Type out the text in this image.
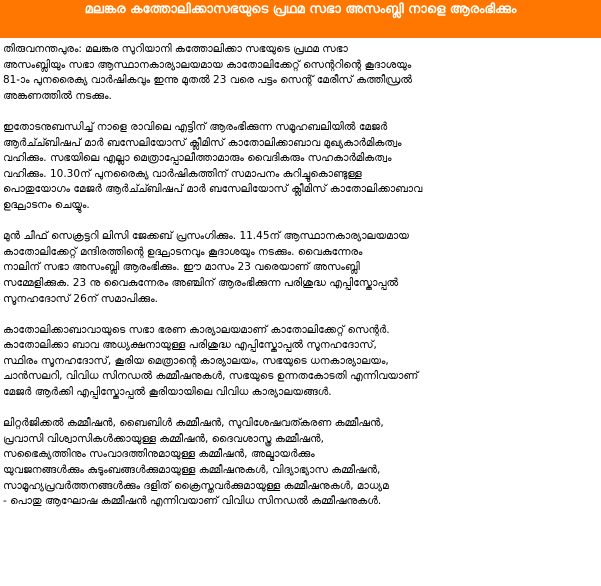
മലങ്കര കത്തോലിക്കാസഭയുടെ പ്രഥമ സഭാ അസംബ്ലി നാളെ ആരംഭിക്കും

തിരുവനന്തപുരം: മലങ്കര സുറിയാനി കത്തോലിക്കാ സഭയുടെ പ്രഥമ സഭാ
അസംബ്ലിയും സഭാ ആസ്ഥാനകാര്യാലയമായ കാതോലിക്കേറ്റ് സെന്ററിന്റെ കൂദാശയും
81-ാം പുനരൈക്യ വാർഷികവും ഇന്നു മുതൽ 23 വരെ പട്ടം സെന്റ് മേരീസ് കത്തീഡ്രൽ
അങ്കണത്തിൽ നടക്കും.

ഇതോടനുബന്ധിച്ച് നാളെ രാവിലെ എട്ടിന് ആരംഭിക്കുന്ന സമൂഹബലിയിൽ മേജർ
ആർച്ച്ബിഷപ് മാർ ബസേലിയോസ് ക്ലീമിസ് കാതോലിക്കാബാവ മുഖ്യകാർമികത്വം
വഹിക്കും. സഭയിലെ എല്ലാ മെത്രാപ്പോലീത്താമാരും വൈദികരും സഹകാർമികത്വം
വഹിക്കും. 10.30ന് പുനരൈക്യ വാർഷികത്തിന് സമാപനം കുറിച്ചുകൊണ്ടുള്ള
പൊതുയോഗം മേജർ ആർച്ച്ബിഷപ് മാർ ബസേലിയോസ് ക്ലീമിസ് കാതോലിക്കാബാവ
ഉദ്ഘാടനം ചെയ്യും.

മുൻ ചീഫ് സെക്രട്ടറി ലിസി ജേക്കബ് പ്രസംഗിക്കും. 11.45ന് ആസ്ഥാനകാര്യാലയമായ
കാതോലിക്കേറ്റ് മന്ദിരത്തിന്റെ ഉദ്ഘാടനവും കൂദാശയും നടക്കും. വൈകുന്നേരം
നാലിന് സഭാ അസംബ്ലി ആരംഭിക്കും. ഈ മാസം 23 വരെയാണ് അസംബ്ലി
സമ്മേളിക്കുക. 23 നു വൈകുന്നേരം അഞ്ചിന് ആരംഭിക്കുന്ന പരിശുദ്ധ എപ്പിസ്കോപ്പൽ
സൂനഹദോസ് 26ന് സമാപിക്കും.

കാതോലിക്കാബാവായുടെ സഭാ ഭരണ കാര്യാലയമാണ് കാതോലിക്കേറ്റ് സെന്റർ.
കാതോലിക്കാ ബാവ അധ്യക്ഷനായുള്ള പരിശുദ്ധ എപ്പിസ്കോപ്പൽ സൂനഹദോസ്,
സ്ഥിരം സൂനഹദോസ്, കൂരിയ മെത്രാന്റെ കാര്യാലയം, സഭയുടെ ധനകാര്യാലയം,
ചാൻസലറി, വിവിധ സിനഡൽ കമ്മീഷനുകൾ, സഭയുടെ ഉന്നതകോടതി എന്നിവയാണ്
മേജർ ആർക്കി എപ്പിസ്കോപ്പൽ കൂരിയായിലെ വിവിധ കാര്യാലയങ്ങൾ.

ലിറ്റർജിക്കൽ കമ്മീഷൻ, ബൈബിൾ കമ്മീഷൻ, സുവിശേഷവത്കരണ കമ്മീഷൻ,
പ്രവാസി വിശ്വാസികൾക്കായുള്ള കമ്മീഷൻ, ദൈവശാസ്ത്ര കമ്മീഷൻ,
സഭൈക്യത്തിനും സംവാദത്തിനുമായുള്ള കമ്മീഷൻ, അല്മായർക്കും
യുവജനങ്ങൾക്കും കുടുംബങ്ങൾക്കുമായുള്ള കമ്മീഷനുകൾ, വിദ്യാഭ്യാസ കമ്മീഷൻ,
സാമൂഹ്യപ്രവർത്തനങ്ങൾക്കും ദളിത് ക്രൈസ്തവർക്കുമായുള്ള കമ്മീഷനുകൾ, മാധ്യമ
- പൊതു ആഘോഷ കമ്മീഷൻ എന്നിവയാണ് വിവിധ സിനഡൽ കമ്മീഷനുകൾ.
